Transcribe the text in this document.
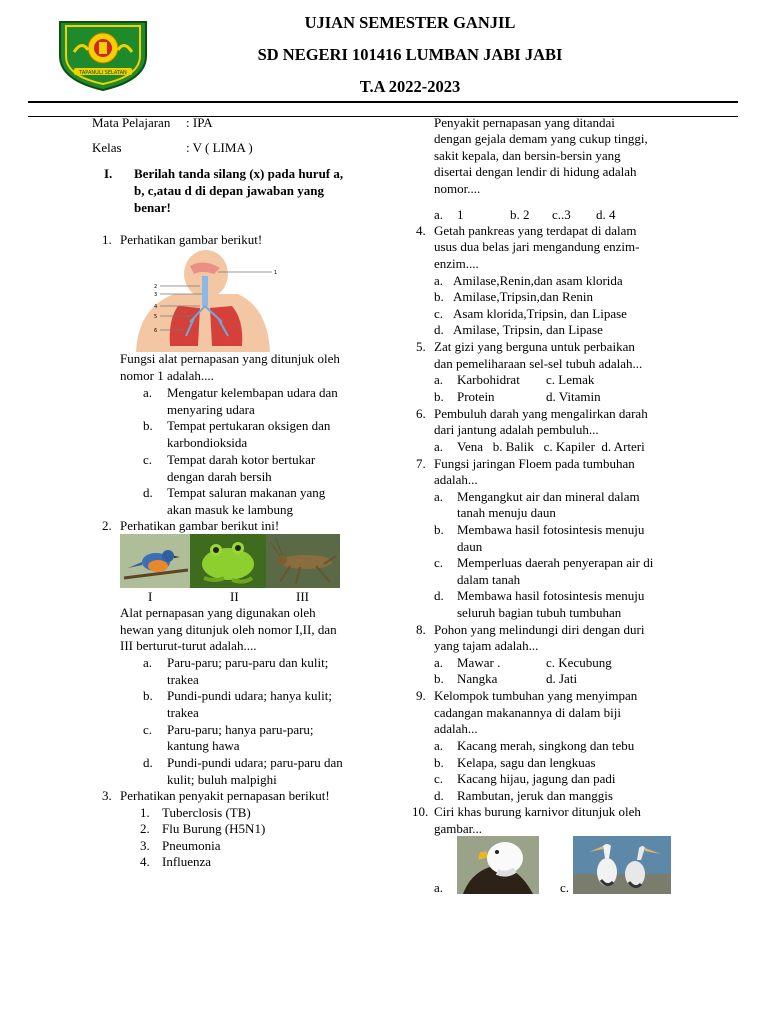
TAPANULI SELATAN
UJIAN SEMESTER GANJIL
SD NEGERI 101416 LUMBAN JABI JABI
T.A 2022-2023
Mata Pelajaran : IPA
Kelas	: V ( LIMA )
I. Berilah tanda silang (x) pada huruf a,
b, c,atau d di depan jawaban yang
benar!
1. Perhatikan gambar berikut!
1
2
3
4
5
6
Fungsi alat pernapasan yang ditunjuk oleh
nomor 1 adalah....
a. Mengatur kelembapan udara dan
menyaring udara
b. Tempat pertukaran oksigen dan
karbondioksida
c. Tempat darah kotor bertukar
dengan darah bersih
d. Tempat saluran makanan yang
akan masuk ke lambung
2. Perhatikan gambar berikut ini!
I	II	III
Alat pernapasan yang digunakan oleh
hewan yang ditunjuk oleh nomor I,II, dan
III berturut-turut adalah....
a. Paru-paru; paru-paru dan kulit;
trakea
b. Pundi-pundi udara; hanya kulit;
trakea
c. Paru-paru; hanya paru-paru;
kantung hawa
d. Pundi-pundi udara; paru-paru dan
kulit; buluh malpighi
3. Perhatikan penyakit pernapasan berikut!
1. Tuberclosis (TB)
2. Flu Burung (H5N1)
3. Pneumonia
4. Influenza
Penyakit pernapasan yang ditandai
dengan gejala demam yang cukup tinggi,
sakit kepala, dan bersin-bersin yang
disertai dengan lendir di hidung adalah
nomor....
a. 1	b. 2 c..3 d. 4
4. Getah pankreas yang terdapat di dalam
usus dua belas jari mengandung enzim-
enzim....
a. Amilase,Renin,dan asam klorida
b. Amilase,Tripsin,dan Renin
c. Asam klorida,Tripsin, dan Lipase
d. Amilase, Tripsin, dan Lipase
5. Zat gizi yang berguna untuk perbaikan
dan pemeliharaan sel-sel tubuh adalah...
a. Karbohidrat c. Lemak
b. Protein	d. Vitamin
6. Pembuluh darah yang mengalirkan darah
dari jantung adalah pembuluh...
a. Vena   b. Balik   c. Kapiler  d. Arteri
7. Fungsi jaringan Floem pada tumbuhan
adalah...
a. Mengangkut air dan mineral dalam
tanah menuju daun
b. Membawa hasil fotosintesis menuju
daun
c. Memperluas daerah penyerapan air di
dalam tanah
d. Membawa hasil fotosintesis menuju
seluruh bagian tubuh tumbuhan
8. Pohon yang melindungi diri dengan duri
yang tajam adalah...
a. Mawar .	c. Kecubung
b. Nangka	d. Jati
9. Kelompok tumbuhan yang menyimpan
cadangan makanannya di dalam biji
adalah...
a. Kacang merah, singkong dan tebu
b. Kelapa, sagu dan lengkuas
c. Kacang hijau, jagung dan padi
d. Rambutan, jeruk dan manggis
10. Ciri khas burung karnivor ditunjuk oleh
gambar...
a.	c.
